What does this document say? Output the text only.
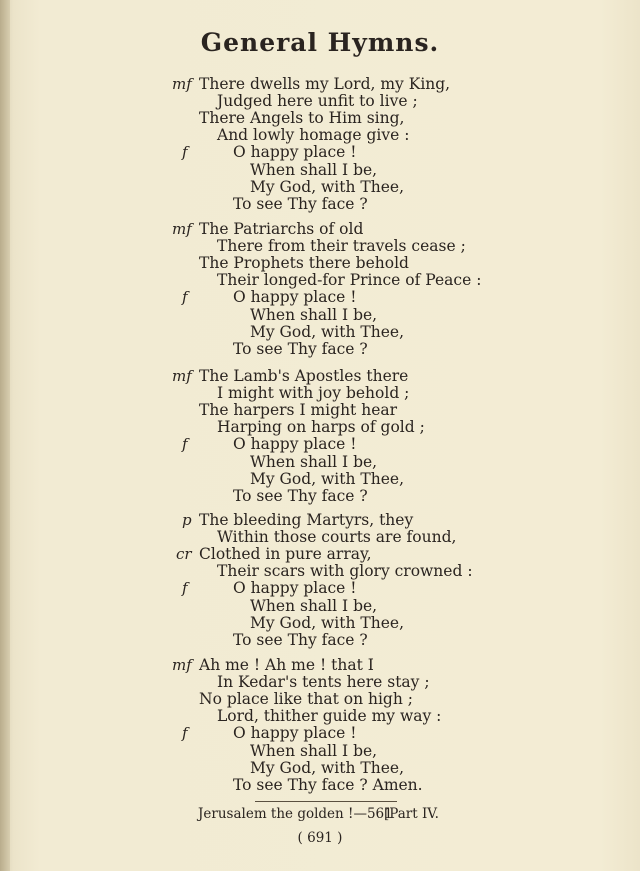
General Hymns.
mf There dwells my Lord, my King,
Judged here unfit to live ;
There Angels to Him sing,
And lowly homage give :
f	O happy place !
When shall I be,
My God, with Thee,
To see Thy face ?
mf The Patriarchs of old
There from their travels cease ;
The Prophets there behold
Their longed-for Prince of Peace :
f	O happy place !
When shall I be,
My God, with Thee,
To see Thy face ?
mf The Lamb's Apostles there
I might with joy behold ;
The harpers I might hear
Harping on harps of gold ;
f	O happy place !
When shall I be,
My God, with Thee,
To see Thy face ?
p The bleeding Martyrs, they
Within those courts are found,
cr Clothed in pure array,
Their scars with glory crowned :
f	O happy place !
When shall I be,
My God, with Thee,
To see Thy face ?
mf Ah me ! Ah me ! that I
In Kedar's tents here stay ;
No place like that on high ;
Lord, thither guide my way :
f	O happy place !
When shall I be,
My God, with Thee,
To see Thy face ? Amen.
Jerusalem the golden !—561
[Part IV.
( 691 )
